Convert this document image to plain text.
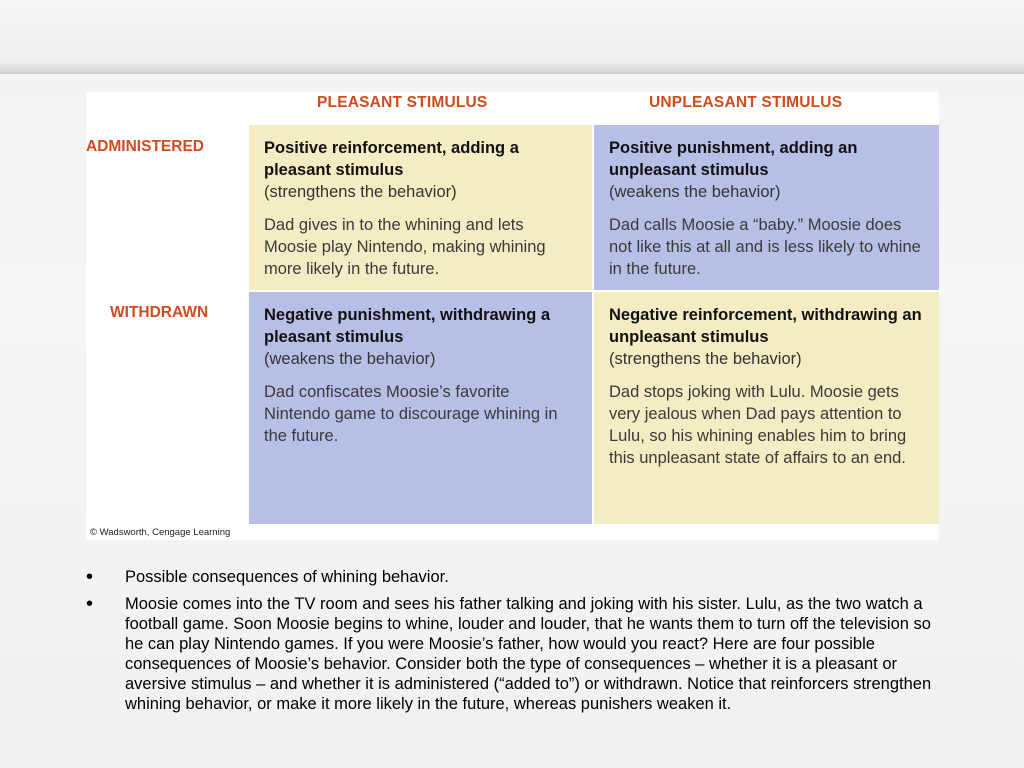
PLEASANT STIMULUS	UNPLEASANT STIMULUS
ADMINISTERED
WITHDRAWN
Positive reinforcement, adding a pleasant stimulus
(strengthens the behavior)
Dad gives in to the whining and lets Moosie play Nintendo, making whining more likely in the future.
Positive punishment, adding an unpleasant stimulus
(weakens the behavior)
Dad calls Moosie a “baby.” Moosie does not like this at all and is less likely to whine in the future.
Negative punishment, withdrawing a pleasant stimulus
(weakens the behavior)
Dad confiscates Moosie’s favorite Nintendo game to discourage whining in the future.
Negative reinforcement, withdrawing an unpleasant stimulus
(strengthens the behavior)
Dad stops joking with Lulu. Moosie gets very jealous when Dad pays attention to Lulu, so his whining enables him to bring this unpleasant state of affairs to an end.
© Wadsworth, Cengage Learning
• Possible consequences of whining behavior.
• Moosie comes into the TV room and sees his father talking and joking with his sister. Lulu, as the two watch a football game. Soon Moosie begins to whine, louder and louder, that he wants them to turn off the television so he can play Nintendo games. If you were Moosie’s father, how would you react? Here are four possible consequences of Moosie’s behavior. Consider both the type of consequences – whether it is a pleasant or aversive stimulus – and whether it is administered (“added to”) or withdrawn. Notice that reinforcers strengthen whining behavior, or make it more likely in the future, whereas punishers weaken it.
